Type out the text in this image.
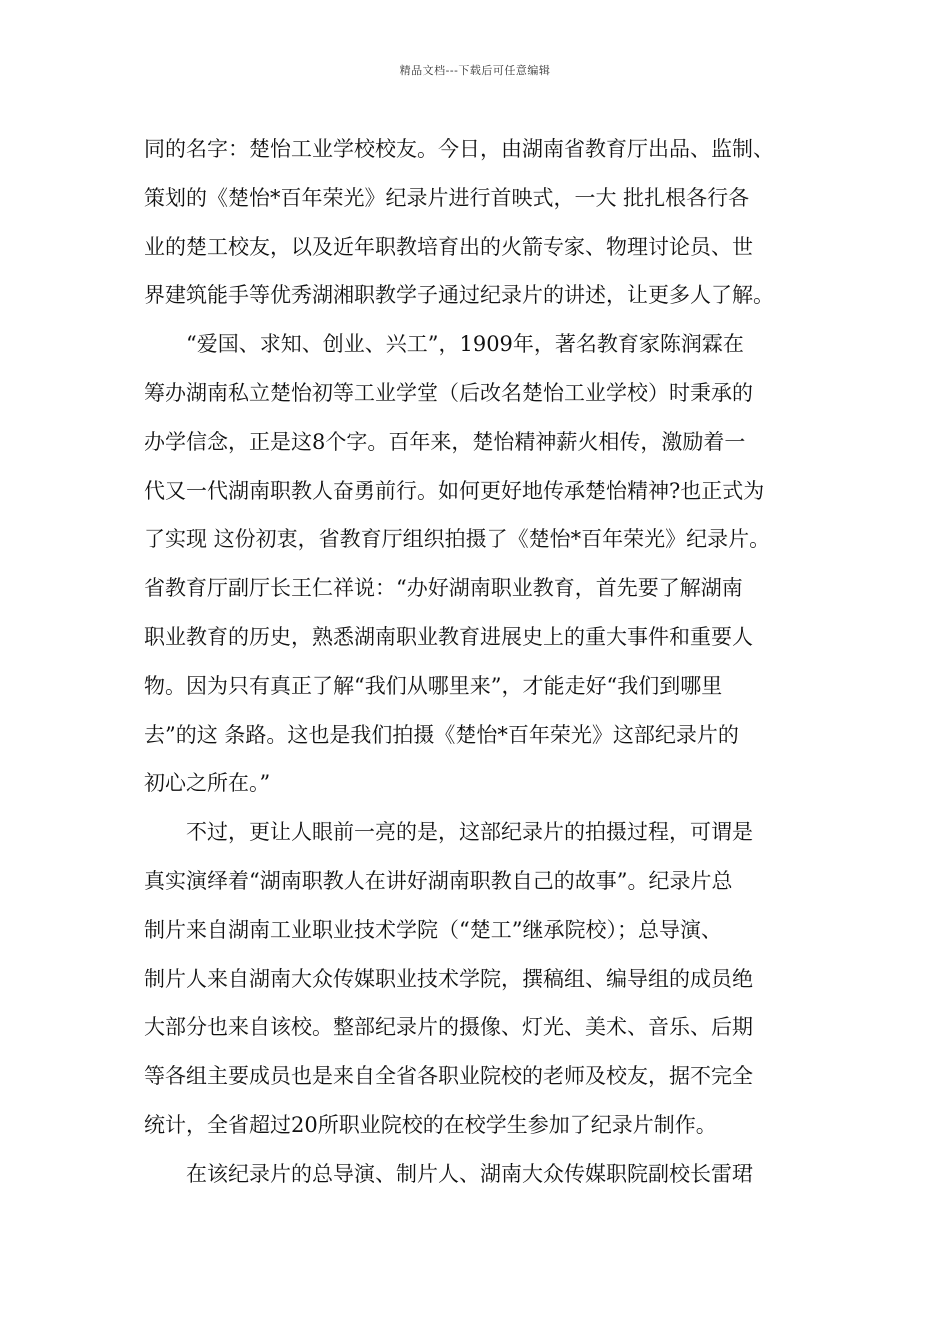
精品文档---下载后可任意编辑
同的名字：楚怡工业学校校友。今日，由湖南省教育厅出品、监制、
策划的《楚怡*百年荣光》纪录片进行首映式，一大 批扎根各行各
业的楚工校友，以及近年职教培育出的火箭专家、物理讨论员、世
界建筑能手等优秀湖湘职教学子通过纪录片的讲述，让更多人了解。
　　“爱国、求知、创业、兴工”，1909年，著名教育家陈润霖在
筹办湖南私立楚怡初等工业学堂（后改名楚怡工业学校）时秉承的
办学信念，正是这8个字。百年来，楚怡精神薪火相传，激励着一
代又一代湖南职教人奋勇前行。如何更好地传承楚怡精神?也正式为
了实现 这份初衷，省教育厅组织拍摄了《楚怡*百年荣光》纪录片。
省教育厅副厅长王仁祥说：“办好湖南职业教育，首先要了解湖南
职业教育的历史，熟悉湖南职业教育进展史上的重大事件和重要人
物。因为只有真正了解“我们从哪里来”，才能走好“我们到哪里
去”的这 条路。这也是我们拍摄《楚怡*百年荣光》这部纪录片的
初心之所在。”
　　不过，更让人眼前一亮的是，这部纪录片的拍摄过程，可谓是
真实演绎着“湖南职教人在讲好湖南职教自己的故事”。纪录片总
制片来自湖南工业职业技术学院（“楚工”继承院校）；总导演、
制片人来自湖南大众传媒职业技术学院，撰稿组、编导组的成员绝
大部分也来自该校。整部纪录片的摄像、灯光、美术、音乐、后期
等各组主要成员也是来自全省各职业院校的老师及校友，据不完全
统计，全省超过20所职业院校的在校学生参加了纪录片制作。
　　在该纪录片的总导演、制片人、湖南大众传媒职院副校长雷珺
